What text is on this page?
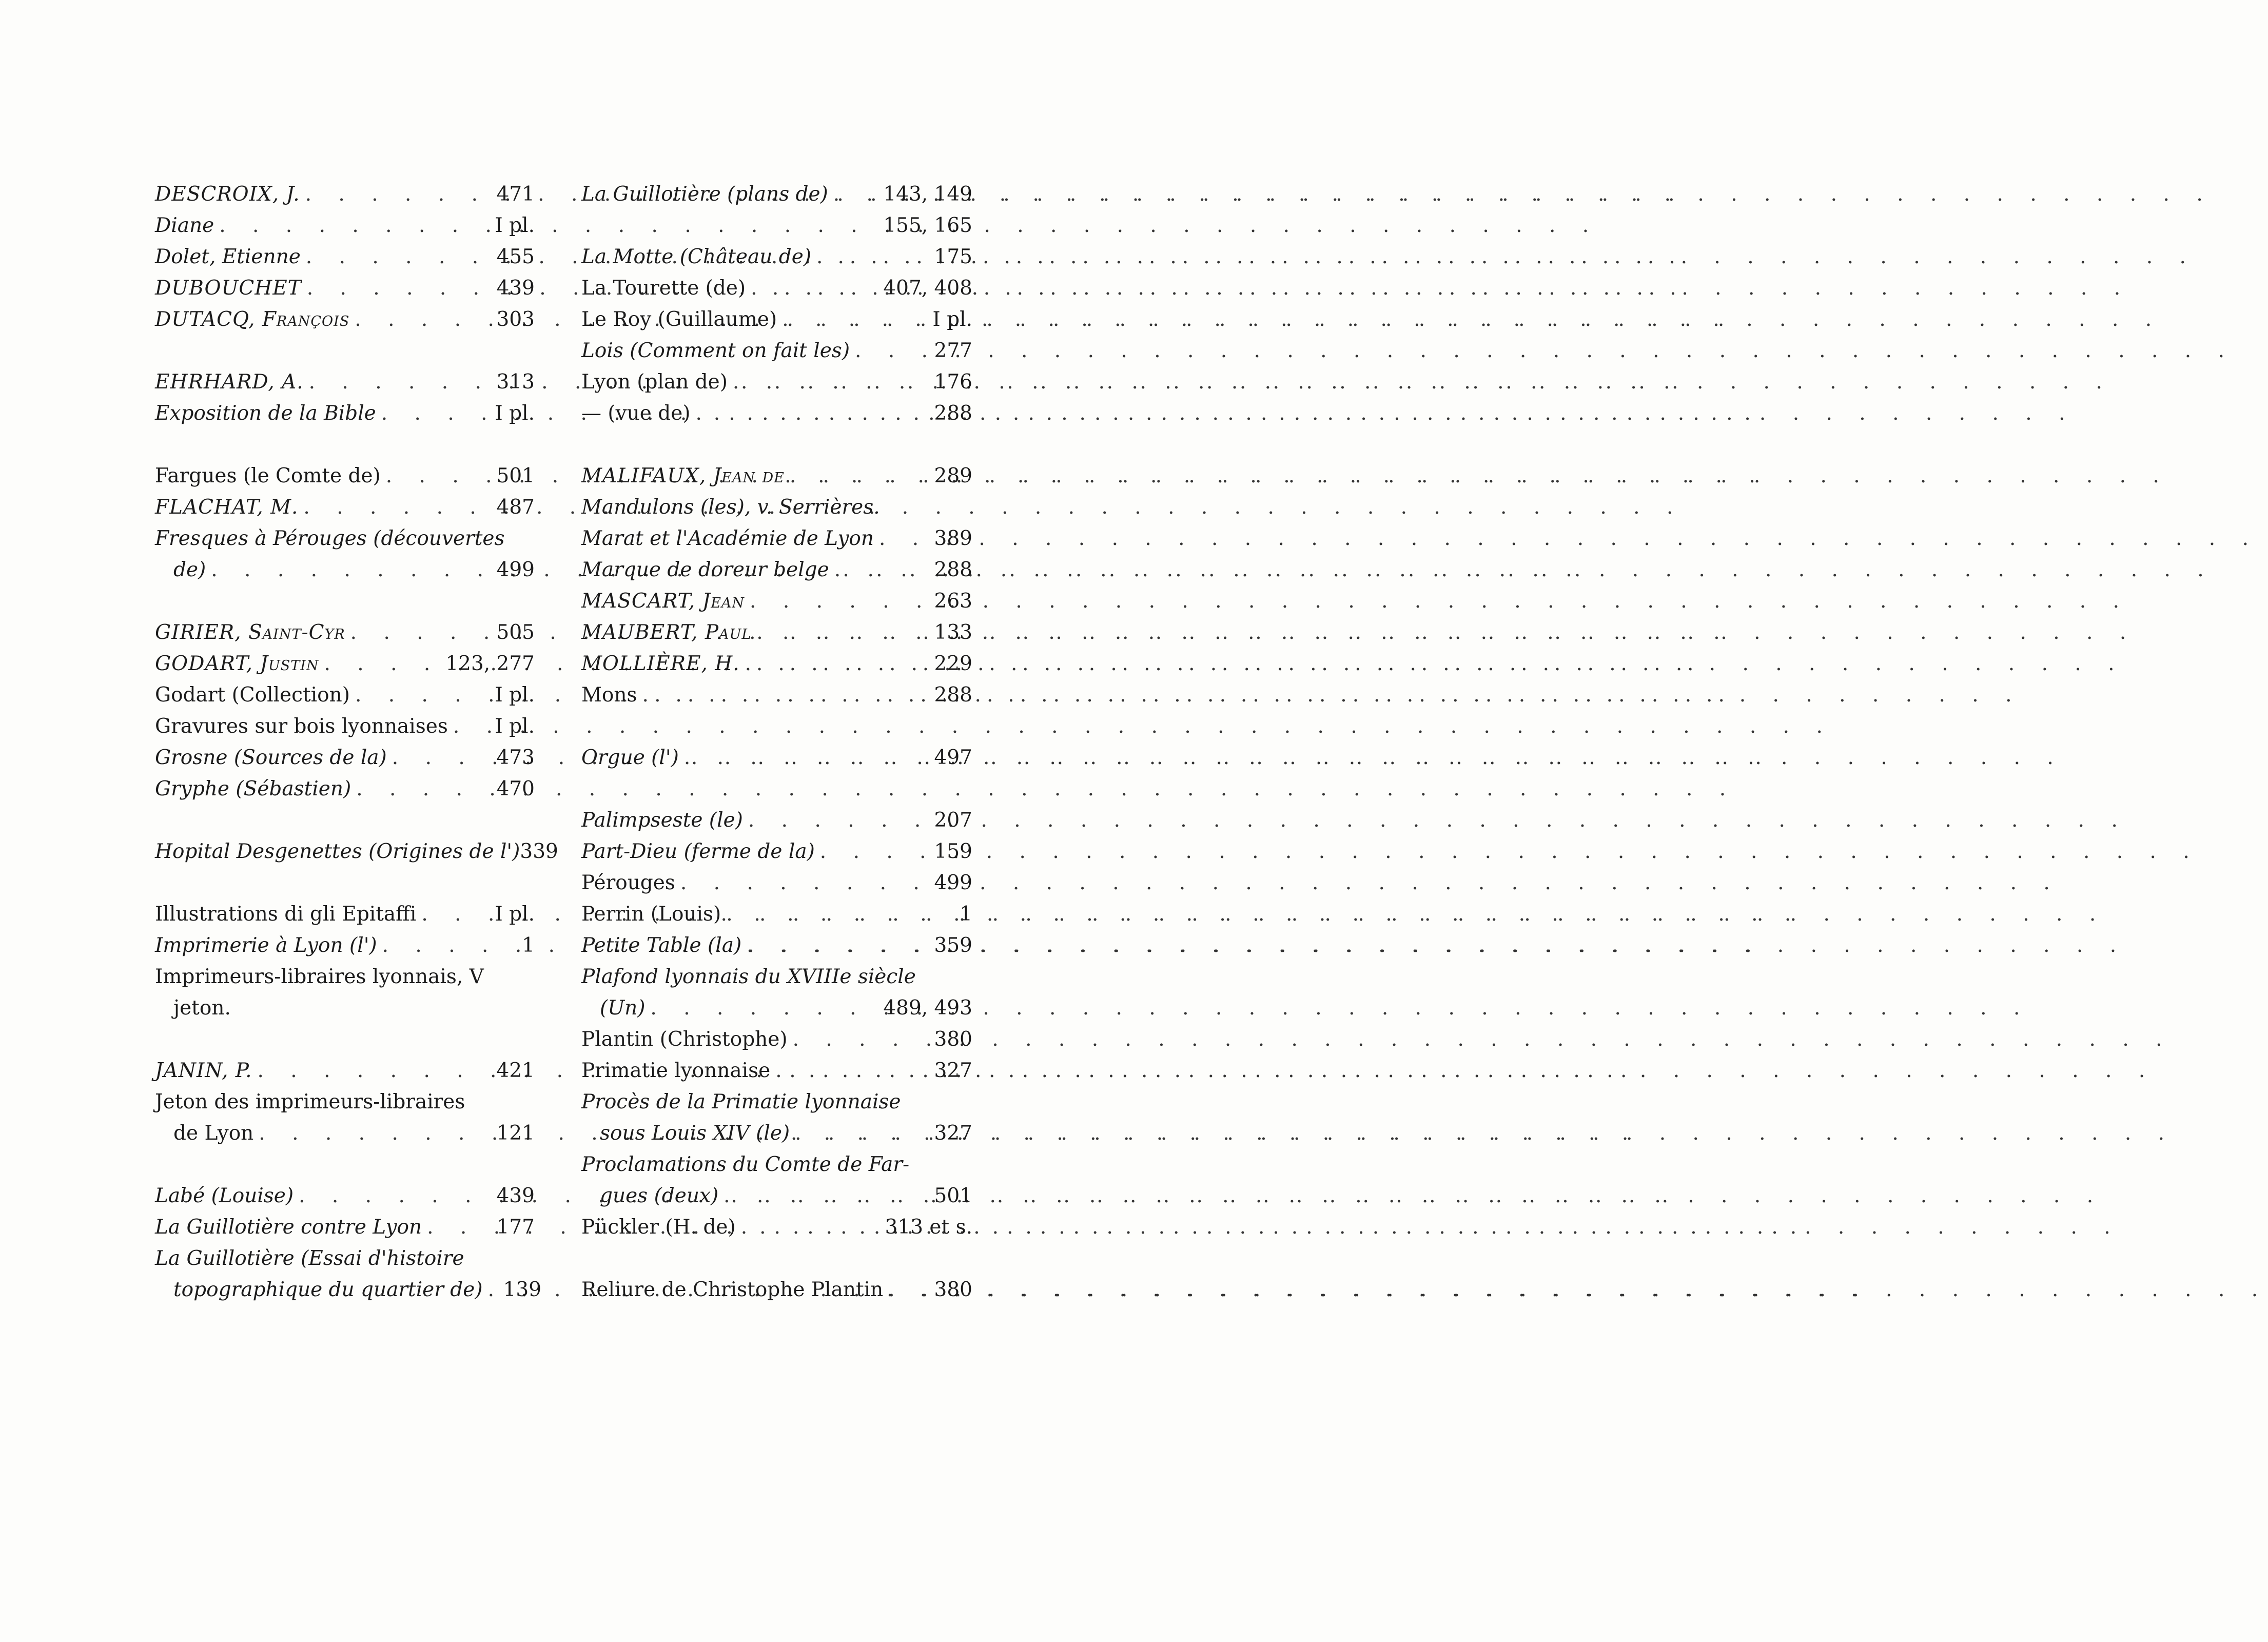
DESCROIX, J. . . .	471
Diane . . .	I pl.
Dolet, Etienne . . .	455
DUBOUCHET . . .	439
DUTACQ, François . . .	303
EHRHARD, A. . . .	313
Exposition de la Bible . . .	I pl.
Fargues (le Comte de) . . .	501
FLACHAT, M. . . .	487
Fresques à Pérouges (découvertes
de) . . .	499
GIRIER, Saint-Cyr . . .	505
GODART, Justin . . .	123, 277
Godart (Collection) . . .	I pl.
Gravures sur bois lyonnaises . . . I pl.
Grosne (Sources de la) . . .	473
Gryphe (Sébastien) . . .	470
Hopital Desgenettes (Origines de l') 339
Illustrations di gli Epitaffi . . .	I pl.
Imprimerie à Lyon (l') . . .	1
Imprimeurs-libraires lyonnais, V
jeton.
JANIN, P. . . .	421
Jeton des imprimeurs-libraires
de Lyon . . .	121
Labé (Louise) . . .	439
La Guillotière contre Lyon . . .	177
La Guillotière (Essai d'histoire
topographique du quartier de) . . . 139
La Guillotière (plans de) . . .	143, 149
155, 165
La Motte (Château de) . . .	175
La Tourette (de) . . .	407, 408
Le Roy (Guillaume) . . .	I pl.
Lois (Comment on fait les) . . .	277
Lyon (plan de) . . .	176
— (vue de) . . .	288
MALIFAUX, Jean de . . .	289
Mandulons (les), v. Serrières.
Marat et l'Académie de Lyon . . .	389
Marque de doreur belge . . .	288
MASCART, Jean . . .	263
MAUBERT, Paul . . .	133
MOLLIÈRE, H. . . .	229
Mons . . .	288
Orgue (l') . . .	497
Palimpseste (le) . . .	207
Part-Dieu (ferme de la) . . .	159
Pérouges . . .	499
Perrin (Louis) . . .	1
Petite Table (la) . . .	359
Plafond lyonnais du XVIIIe siècle
(Un) . . .	489, 493
Plantin (Christophe) . . .	380
Primatie lyonnaise . . .	327
Procès de la Primatie lyonnaise
sous Louis XIV (le) . . .	327
Proclamations du Comte de Far-
gues (deux) . . .	501
Pückler (H. de) . . .	313 et s.
Reliure de Christophe Plantin . . .	380
